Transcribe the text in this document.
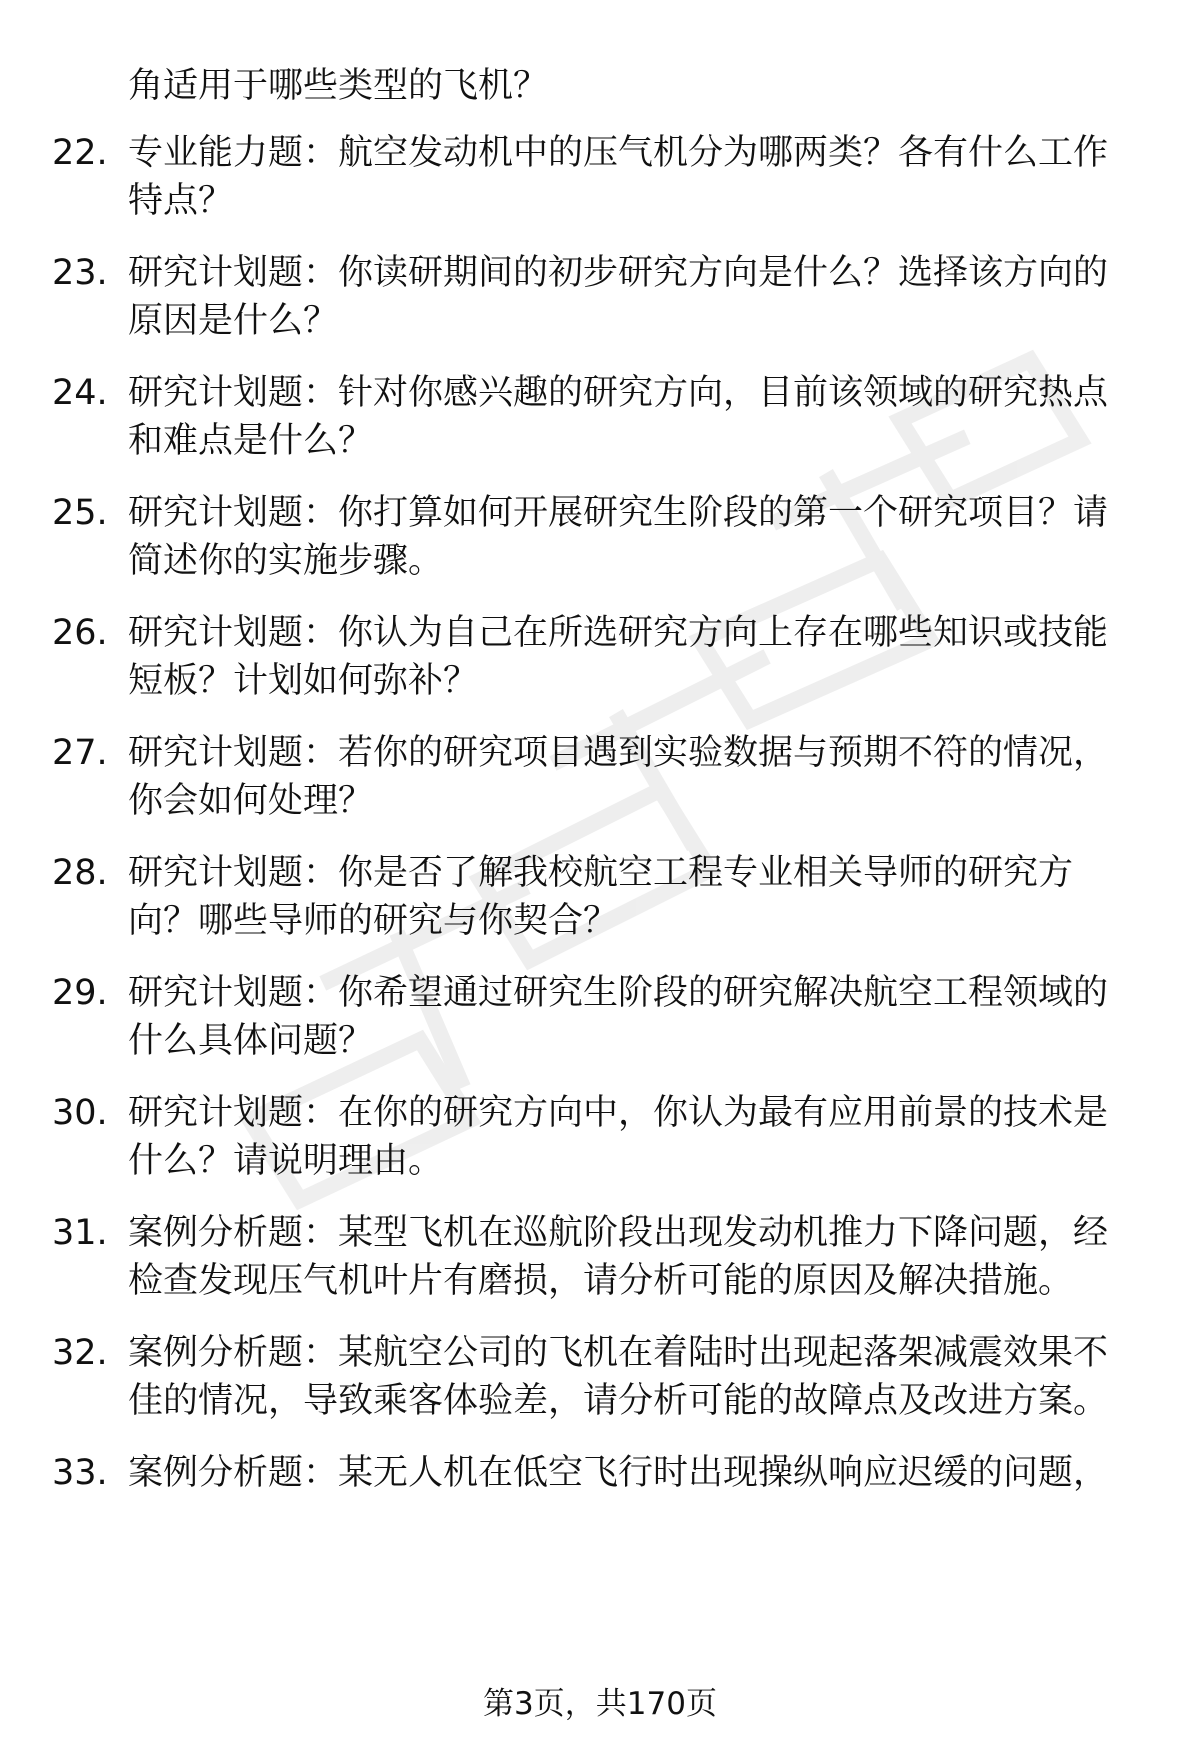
角适用于哪些类型的飞机？
22. 专业能力题：航空发动机中的压气机分为哪两类？各有什么工作
特点？
23. 研究计划题：你读研期间的初步研究方向是什么？选择该方向的
原因是什么？
24. 研究计划题：针对你感兴趣的研究方向，目前该领域的研究热点
和难点是什么？
25. 研究计划题：你打算如何开展研究生阶段的第一个研究项目？请
简述你的实施步骤。
26. 研究计划题：你认为自己在所选研究方向上存在哪些知识或技能
短板？计划如何弥补？
27. 研究计划题：若你的研究项目遇到实验数据与预期不符的情况，
你会如何处理？
28. 研究计划题：你是否了解我校航空工程专业相关导师的研究方
向？哪些导师的研究与你契合？
29. 研究计划题：你希望通过研究生阶段的研究解决航空工程领域的
什么具体问题？
30. 研究计划题：在你的研究方向中，你认为最有应用前景的技术是
什么？请说明理由。
31. 案例分析题：某型飞机在巡航阶段出现发动机推力下降问题，经
检查发现压气机叶片有磨损，请分析可能的原因及解决措施。
32. 案例分析题：某航空公司的飞机在着陆时出现起落架减震效果不
佳的情况，导致乘客体验差，请分析可能的故障点及改进方案。
33. 案例分析题：某无人机在低空飞行时出现操纵响应迟缓的问题，
第3页，共170页
